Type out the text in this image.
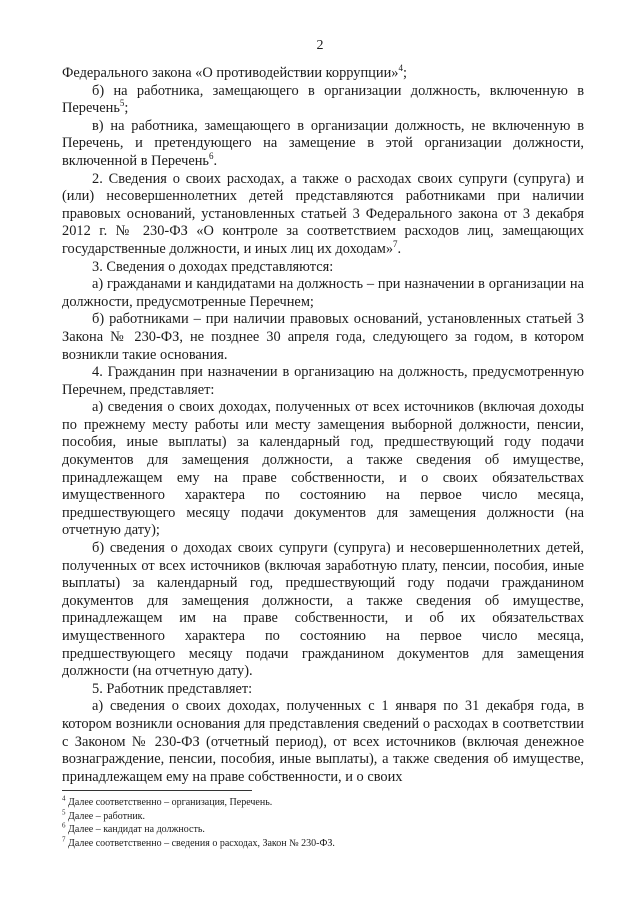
2

Федерального закона «О противодействии коррупции»$^4$;

б) на работника, замещающего в организации должность, включенную в Перечень$^5$;

в) на работника, замещающего в организации должность, не включенную в Перечень, и претендующего на замещение в этой организации должности, включенной в Перечень$^6$.

2. Сведения о своих расходах, а также о расходах своих супруги (супруга) и (или) несовершеннолетних детей представляются работниками при наличии правовых оснований, установленных статьей 3 Федерального закона от 3 декабря 2012 г. № 230-ФЗ «О контроле за соответствием расходов лиц, замещающих государственные должности, и иных лиц их доходам»$^7$.

3. Сведения о доходах представляются:

а) гражданами и кандидатами на должность – при назначении в организации на должности, предусмотренные Перечнем;

б) работниками – при наличии правовых оснований, установленных статьей 3 Закона № 230-ФЗ, не позднее 30 апреля года, следующего за годом, в котором возникли такие основания.

4. Гражданин при назначении в организацию на должность, предусмотренную Перечнем, представляет:

а) сведения о своих доходах, полученных от всех источников (включая доходы по прежнему месту работы или месту замещения выборной должности, пенсии, пособия, иные выплаты) за календарный год, предшествующий году подачи документов для замещения должности, а также сведения об имуществе, принадлежащем ему на праве собственности, и о своих обязательствах имущественного характера по состоянию на первое число месяца, предшествующего месяцу подачи документов для замещения должности (на отчетную дату);

б) сведения о доходах своих супруги (супруга) и несовершеннолетних детей, полученных от всех источников (включая заработную плату, пенсии, пособия, иные выплаты) за календарный год, предшествующий году подачи гражданином документов для замещения должности, а также сведения об имуществе, принадлежащем им на праве собственности, и об их обязательствах имущественного характера по состоянию на первое число месяца, предшествующего месяцу подачи гражданином документов для замещения должности (на отчетную дату).

5. Работник представляет:

а) сведения о своих доходах, полученных с 1 января по 31 декабря года, в котором возникли основания для представления сведений о расходах в соответствии с Законом № 230-ФЗ (отчетный период), от всех источников (включая денежное вознаграждение, пенсии, пособия, иные выплаты), а также сведения об имуществе, принадлежащем ему на праве собственности, и о своих

$^4$ Далее соответственно – организация, Перечень.
$^5$ Далее – работник.
$^6$ Далее – кандидат на должность.
$^7$ Далее соответственно – сведения о расходах, Закон № 230-ФЗ.
